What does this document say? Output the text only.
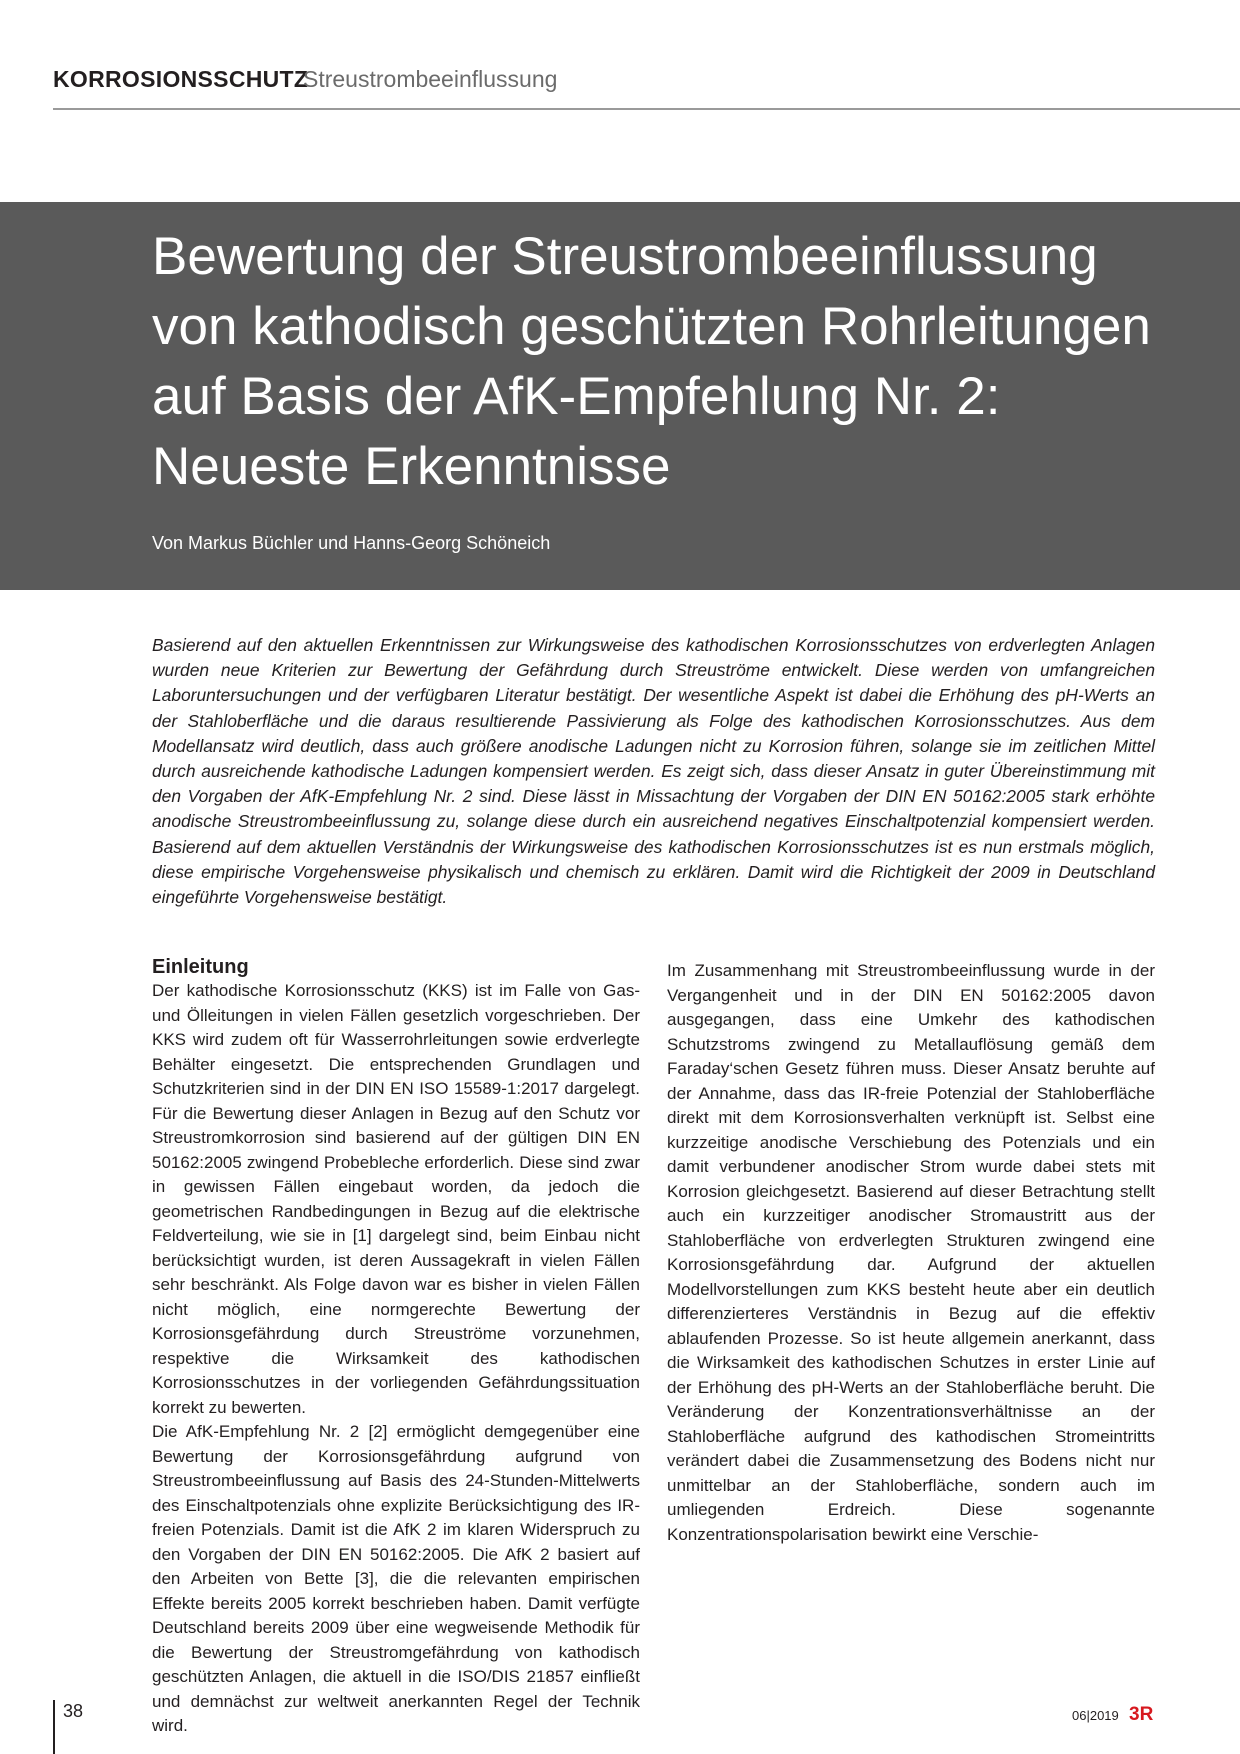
KORROSIONSSCHUTZ
Streustrombeeinflussung
Bewertung der Streustrombeeinflussung
von kathodisch geschützten Rohrleitungen
auf Basis der AfK-Empfehlung Nr. 2:
Neueste Erkenntnisse
Von Markus Büchler und Hanns-Georg Schöneich
Basierend auf den aktuellen Erkenntnissen zur Wirkungsweise des kathodischen Korrosionsschutzes von erdverlegten Anlagen wurden neue Kriterien zur Bewertung der Gefährdung durch Streuströme entwickelt. Diese werden von umfangreichen Laboruntersuchungen und der verfügbaren Literatur bestätigt. Der wesentliche Aspekt ist dabei die Erhöhung des pH-Werts an der Stahloberfläche und die daraus resultierende Passivierung als Folge des kathodischen Korrosionsschutzes. Aus dem Modellansatz wird deutlich, dass auch größere anodische Ladungen nicht zu Korrosion führen, solange sie im zeitlichen Mittel durch ausreichende kathodische Ladungen kompensiert werden. Es zeigt sich, dass dieser Ansatz in guter Übereinstimmung mit den Vorgaben der AfK-Empfehlung Nr. 2 sind. Diese lässt in Missachtung der Vorgaben der DIN EN 50162:2005 stark erhöhte anodische Streustrombeeinflussung zu, solange diese durch ein ausreichend negatives Einschaltpotenzial kompensiert werden. Basierend auf dem aktuellen Verständnis der Wirkungsweise des kathodischen Korrosionsschutzes ist es nun erstmals möglich, diese empirische Vorgehensweise physikalisch und chemisch zu erklären. Damit wird die Richtigkeit der 2009 in Deutschland eingeführte Vorgehensweise bestätigt.
Einleitung

Der kathodische Korrosionsschutz (KKS) ist im Falle von Gas- und Ölleitungen in vielen Fällen gesetzlich vorgeschrieben. Der KKS wird zudem oft für Wasserrohrleitungen sowie erdverlegte Behälter eingesetzt. Die entsprechenden Grundlagen und Schutzkriterien sind in der DIN EN ISO 15589-1:2017 dargelegt. Für die Bewertung dieser Anlagen in Bezug auf den Schutz vor Streustromkorrosion sind basierend auf der gültigen DIN EN 50162:2005 zwingend Probebleche erforderlich. Diese sind zwar in gewissen Fällen eingebaut worden, da jedoch die geometrischen Randbedingungen in Bezug auf die elektrische Feldverteilung, wie sie in [1] dargelegt sind, beim Einbau nicht berücksichtigt wurden, ist deren Aussagekraft in vielen Fällen sehr beschränkt. Als Folge davon war es bisher in vielen Fällen nicht möglich, eine normgerechte Bewertung der Korrosionsgefährdung durch Streuströme vorzunehmen, respektive die Wirksamkeit des kathodischen Korrosionsschutzes in der vorliegenden Gefährdungssituation korrekt zu bewerten.

Die AfK-Empfehlung Nr. 2 [2] ermöglicht demgegenüber eine Bewertung der Korrosionsgefährdung aufgrund von Streustrombeeinflussung auf Basis des 24-Stunden-Mittelwerts des Einschaltpotenzials ohne explizite Berücksichtigung des IR-freien Potenzials. Damit ist die AfK 2 im klaren Widerspruch zu den Vorgaben der DIN EN 50162:2005. Die AfK 2 basiert auf den Arbeiten von Bette [3], die die relevanten empirischen Effekte bereits 2005 korrekt beschrieben haben. Damit verfügte Deutschland bereits 2009 über eine wegweisende Methodik für die Bewertung der Streustromgefährdung von kathodisch geschützten Anlagen, die aktuell in die ISO/DIS 21857 einfließt und demnächst zur weltweit anerkannten Regel der Technik wird.

Im Zusammenhang mit Streustrombeeinflussung wurde in der Vergangenheit und in der DIN EN 50162:2005 davon ausgegangen, dass eine Umkehr des kathodischen Schutzstroms zwingend zu Metallauflösung gemäß dem Faraday‘schen Gesetz führen muss. Dieser Ansatz beruhte auf der Annahme, dass das IR-freie Potenzial der Stahloberfläche direkt mit dem Korrosionsverhalten verknüpft ist. Selbst eine kurzzeitige anodische Verschiebung des Potenzials und ein damit verbundener anodischer Strom wurde dabei stets mit Korrosion gleichgesetzt. Basierend auf dieser Betrachtung stellt auch ein kurzzeitiger anodischer Stromaustritt aus der Stahloberfläche von erdverlegten Strukturen zwingend eine Korrosionsgefährdung dar. Aufgrund der aktuellen Modellvorstellungen zum KKS besteht heute aber ein deutlich differenzierteres Verständnis in Bezug auf die effektiv ablaufenden Prozesse. So ist heute allgemein anerkannt, dass die Wirksamkeit des kathodischen Schutzes in erster Linie auf der Erhöhung des pH-Werts an der Stahloberfläche beruht. Die Veränderung der Konzentrationsverhältnisse an der Stahloberfläche aufgrund des kathodischen Stromeintritts verändert dabei die Zusammensetzung des Bodens nicht nur unmittelbar an der Stahloberfläche, sondern auch im umliegenden Erdreich. Diese sogenannte Konzentrationspolarisation bewirkt eine Verschie-

38	06|2019 3R
